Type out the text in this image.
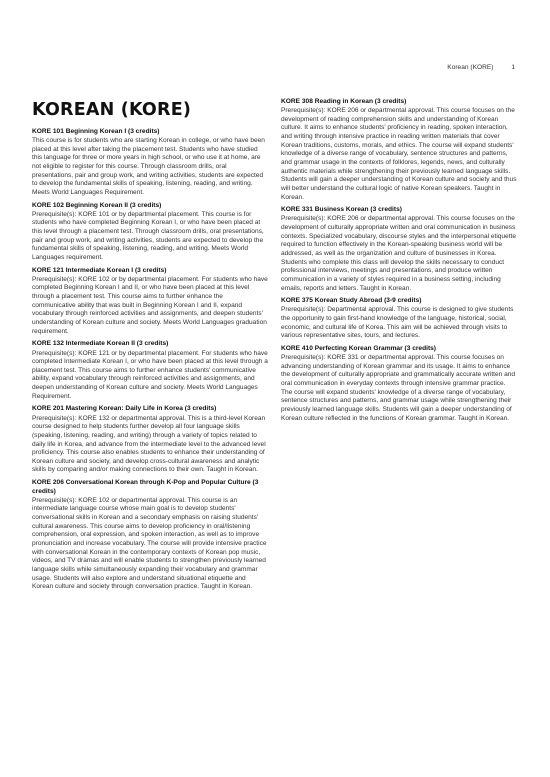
Korean (KORE)	1
KOREAN (KORE)
KORE 101 Beginning Korean I (3 credits)

This course is for students who are starting Korean in college, or who have been placed at this level after taking the placement test. Students who have studied this language for three or more years in high school, or who use it at home, are not eligible to register for this course. Through classroom drills, oral presentations, pair and group work, and writing activities, students are expected to develop the fundamental skills of speaking, listening, reading, and writing. Meets World Languages Requirement.

KORE 102 Beginning Korean II (3 credits)

Prerequisite(s): KORE 101 or by departmental placement. This course is for students who have completed Beginning Korean I, or who have been placed at this level through a placement test. Through classroom drills, oral presentations, pair and group work, and writing activities, students are expected to develop the fundamental skills of speaking, listening, reading, and writing. Meets World Languages requirement.

KORE 121 Intermediate Korean I (3 credits)

Prerequisite(s): KORE 102 or by departmental placement. For students who have completed Beginning Korean I and II, or who have been placed at this level through a placement test. This course aims to further enhance the communicative ability that was built in Beginning Korean I and II, expand vocabulary through reinforced activities and assignments, and deepen students' understanding of Korean culture and society. Meets World Languages graduation requirement.

KORE 132 Intermediate Korean II (3 credits)

Prerequisite(s): KORE 121 or by departmental placement. For students who have completed Intermediate Korean I, or who have been placed at this level through a placement test. This course aims to further enhance students' communicative ability, expand vocabulary through reinforced activities and assignments, and deepen understanding of Korean culture and society. Meets World Languages Requirement.

KORE 201 Mastering Korean: Daily Life in Korea (3 credits)

Prerequisite(s): KORE 132 or departmental approval. This is a third-level Korean course designed to help students further develop all four language skills (speaking, listening, reading, and writing) through a variety of topics related to daily life in Korea, and advance from the intermediate level to the advanced level proficiency. This course also enables students to enhance their understanding of Korean culture and society, and develop cross-cultural awareness and analytic skills by comparing and/or making connections to their own. Taught in Korean.

KORE 206 Conversational Korean through K-Pop and Popular Culture (3 credits)

Prerequisite(s): KORE 102 or departmental approval. This course is an intermediate language course whose main goal is to develop students' conversational skills in Korean and a secondary emphasis on raising students' cultural awareness. This course aims to develop proficiency in oral/listening comprehension, oral expression, and spoken interaction, as well as to improve pronunciation and increase vocabulary. The course will provide intensive practice with conversational Korean in the contemporary contexts of Korean pop music, videos, and TV dramas and will enable students to strengthen previously learned language skills while simultaneously expanding their vocabulary and grammar usage. Students will also explore and understand situational etiquette and Korean culture and society through conversation practice. Taught in Korean.

KORE 308 Reading in Korean (3 credits)

Prerequisite(s): KORE 206 or departmental approval. This course focuses on the development of reading comprehension skills and understanding of Korean culture. It aims to enhance students' proficiency in reading, spoken interaction, and writing through intensive practice in reading written materials that cover Korean traditions, customs, morals, and ethics. The course will expand students' knowledge of a diverse range of vocabulary, sentence structures and patterns, and grammar usage in the contexts of folklores, legends, news, and culturally authentic materials while strengthening their previously learned language skills. Students will gain a deeper understanding of Korean culture and society and thus will better understand the cultural logic of native Korean speakers. Taught in Korean.

KORE 331 Business Korean (3 credits)

Prerequisite(s): KORE 206 or departmental approval. This course focuses on the development of culturally appropriate written and oral communication in business contexts. Specialized vocabulary, discourse styles and the interpersonal etiquette required to function effectively in the Korean-speaking business world will be addressed, as well as the organization and culture of businesses in Korea. Students who complete this class will develop the skills necessary to conduct professional interviews, meetings and presentations, and produce written communication in a variety of styles required in a business setting, including emails, reports and letters. Taught in Korean.

KORE 375 Korean Study Abroad (3-9 credits)

Prerequisite(s): Departmental approval. This course is designed to give students the opportunity to gain first-hand knowledge of the language, historical, social, economic, and cultural life of Korea. This aim will be achieved through visits to various representative sites, tours, and lectures.

KORE 410 Perfecting Korean Grammar (3 credits)

Prerequisite(s): KORE 331 or departmental approval. This course focuses on advancing understanding of Korean grammar and its usage. It aims to enhance the development of culturally appropriate and grammatically accurate written and oral communication in everyday contexts through intensive grammar practice. The course will expand students' knowledge of a diverse range of vocabulary, sentence structures and patterns, and grammar usage while strengthening their previously learned language skills. Students will gain a deeper understanding of Korean culture reflected in the functions of Korean grammar. Taught in Korean.
